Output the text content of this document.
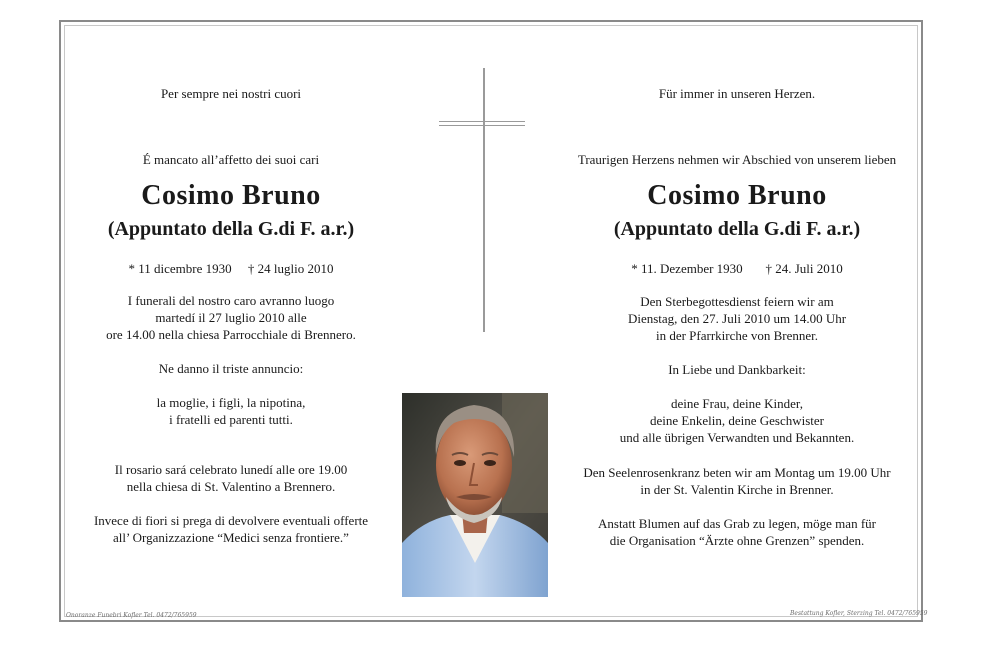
Per sempre nei nostri cuori
É mancato all’affetto dei suoi cari
Cosimo Bruno
(Appuntato della G.di F. a.r.)
* 11 dicembre 1930 † 24 luglio 2010
I funerali del nostro caro avranno luogo
martedí il 27 luglio 2010 alle
ore 14.00 nella chiesa Parrocchiale di Brennero.
Ne danno il triste annuncio:
la moglie, i figli, la nipotina,
i fratelli ed parenti tutti.
Il rosario sará celebrato lunedí alle ore 19.00
nella chiesa di St. Valentino a Brennero.
Invece di fiori si prega di devolvere eventuali offerte
all’ Organizzazione “Medici senza frontiere.”
Für immer in unseren Herzen.
Traurigen Herzens nehmen wir Abschied von unserem lieben
Cosimo Bruno
(Appuntato della G.di F. a.r.)
* 11. Dezember 1930 † 24. Juli 2010
Den Sterbegottesdienst feiern wir am
Dienstag, den 27. Juli 2010 um 14.00 Uhr
in der Pfarrkirche von Brenner.
In Liebe und Dankbarkeit:
deine Frau, deine Kinder,
deine Enkelin, deine Geschwister
und alle übrigen Verwandten und Bekannten.
Den Seelenrosenkranz beten wir am Montag um 19.00 Uhr
in der St. Valentin Kirche in Brenner.
Anstatt Blumen auf das Grab zu legen, möge man für
die Organisation “Ärzte ohne Grenzen” spenden.
Onoranze Funebri Kofler Tel. 0472/765959	Bestattung Kofler, Sterzing Tel. 0472/765959
